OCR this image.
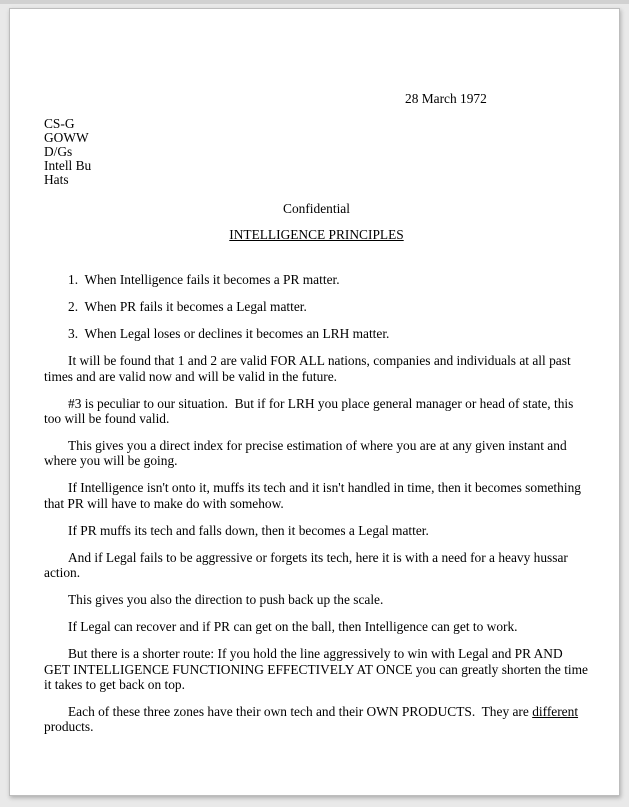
28 March 1972
CS-G
GOWW
D/Gs
Intell Bu
Hats
Confidential
INTELLIGENCE PRINCIPLES

1.  When Intelligence fails it becomes a PR matter.

2.  When PR fails it becomes a Legal matter.

3.  When Legal loses or declines it becomes an LRH matter.

It will be found that 1 and 2 are valid FOR ALL nations, companies and individuals at all past times and are valid now and will be valid in the future.

#3 is peculiar to our situation.  But if for LRH you place general manager or head of state, this too will be found valid.

This gives you a direct index for precise estimation of where you are at any given instant and where you will be going.

If Intelligence isn't onto it, muffs its tech and it isn't handled in time, then it becomes something that PR will have to make do with somehow.

If PR muffs its tech and falls down, then it becomes a Legal matter.

And if Legal fails to be aggressive or forgets its tech, here it is with a need for a heavy hussar action.

This gives you also the direction to push back up the scale.

If Legal can recover and if PR can get on the ball, then Intelligence can get to work.

But there is a shorter route: If you hold the line aggressively to win with Legal and PR AND GET INTELLIGENCE FUNCTIONING EFFECTIVELY AT ONCE you can greatly shorten the time it takes to get back on top.

Each of these three zones have their own tech and their OWN PRODUCTS.  They are different products.
